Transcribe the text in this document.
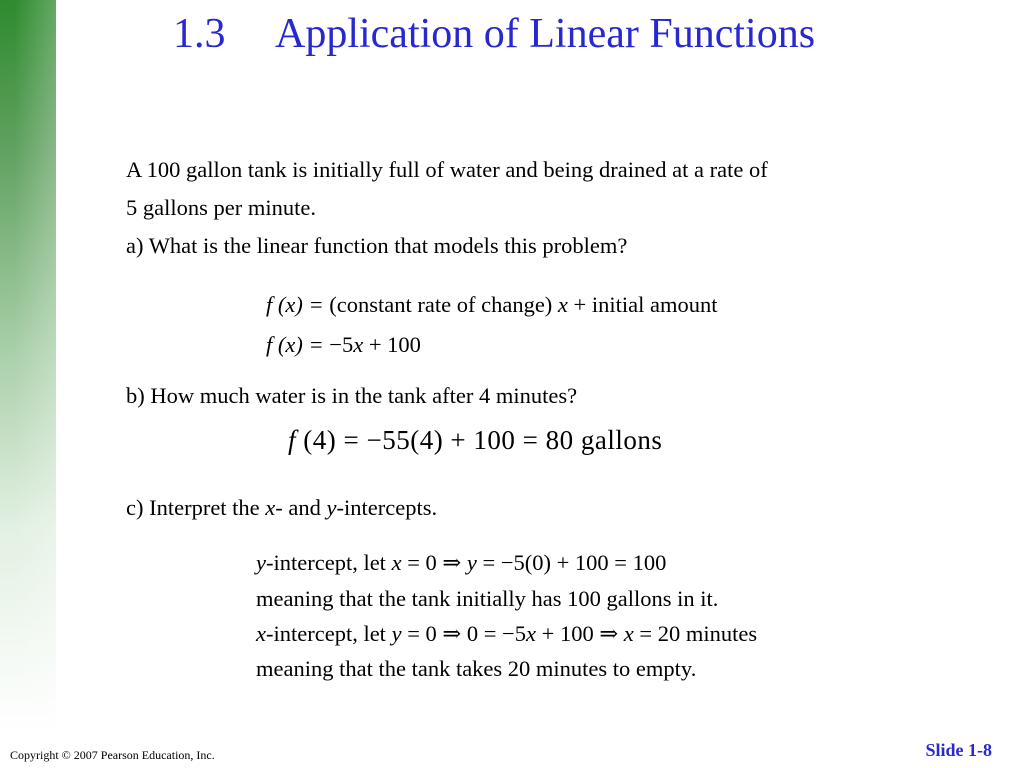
1.3 Application of Linear Functions

A 100 gallon tank is initially full of water and being drained at a rate of

5 gallons per minute.

a) What is the linear function that models this problem?

f (x) = (constant rate of change) x + initial amount

f (x) = −5x + 100

b) How much water is in the tank after 4 minutes?

f (4) = −55(4) + 100 = 80 gallons

c) Interpret the x- and y-intercepts.

y-intercept, let x = 0 ⇒ y = −5(0) + 100 = 100

meaning that the tank initially has 100 gallons in it.

x-intercept, let y = 0 ⇒ 0 = −5x + 100 ⇒ x = 20 minutes

meaning that the tank takes 20 minutes to empty.

Copyright © 2007 Pearson Education, Inc.	Slide 1-8
